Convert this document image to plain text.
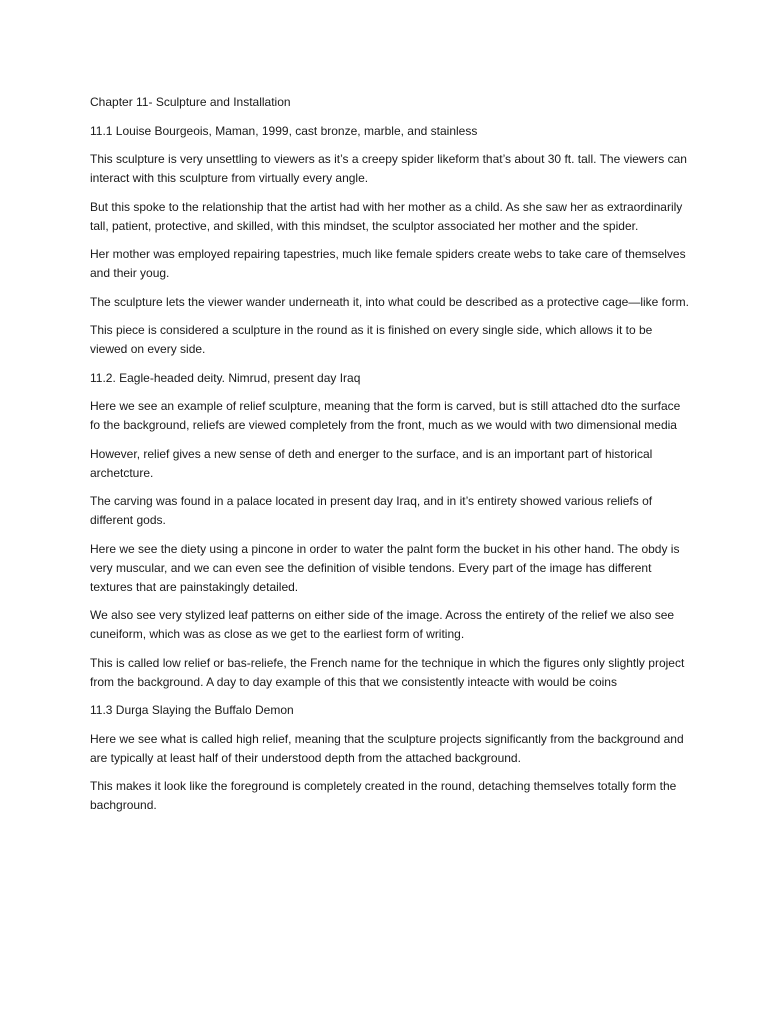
Chapter 11- Sculpture and Installation

11.1 Louise Bourgeois, Maman, 1999, cast bronze, marble, and stainless

This sculpture is very unsettling to viewers as it’s a creepy spider likeform that’s about 30 ft. tall. The viewers can interact with this sculpture from virtually every angle.

But this spoke to the relationship that the artist had with her mother as a child. As she saw her as extraordinarily tall, patient, protective, and skilled, with this mindset, the sculptor associated her mother and the spider.

Her mother was employed repairing tapestries, much like female spiders create webs to take care of themselves and their youg.

The sculpture lets the viewer wander underneath it, into what could be described as a protective cage—like form.

This piece is considered a sculpture in the round as it is finished on every single side, which allows it to be viewed on every side.

11.2. Eagle-headed deity. Nimrud, present day Iraq

Here we see an example of relief sculpture, meaning that the form is carved, but is still attached dto the surface fo the background, reliefs are viewed completely from the front, much as we would with two dimensional media

However, relief gives a new sense of deth and energer to the surface, and is an important part of historical archetcture.

The carving was found in a palace located in present day Iraq, and in it’s entirety showed various reliefs of different gods.

Here we see the diety using a pincone in order to water the palnt form the bucket in his other hand. The obdy is very muscular, and we can even see the definition of visible tendons. Every part of the image has different textures that are painstakingly detailed.

We also see very stylized leaf patterns on either side of the image. Across the entirety of the relief we also see cuneiform, which was as close as we get to the earliest form of writing.

This is called low relief or bas-reliefe, the French name for the technique in which the figures only slightly project from the background. A day to day example of this that we consistently inteacte with would be coins

11.3 Durga Slaying the Buffalo Demon

Here we see what is called high relief, meaning that the sculpture projects significantly from the background and are typically at least half of their understood depth from the attached background.

This makes it look like the foreground is completely created in the round, detaching themselves totally form the bachground.
